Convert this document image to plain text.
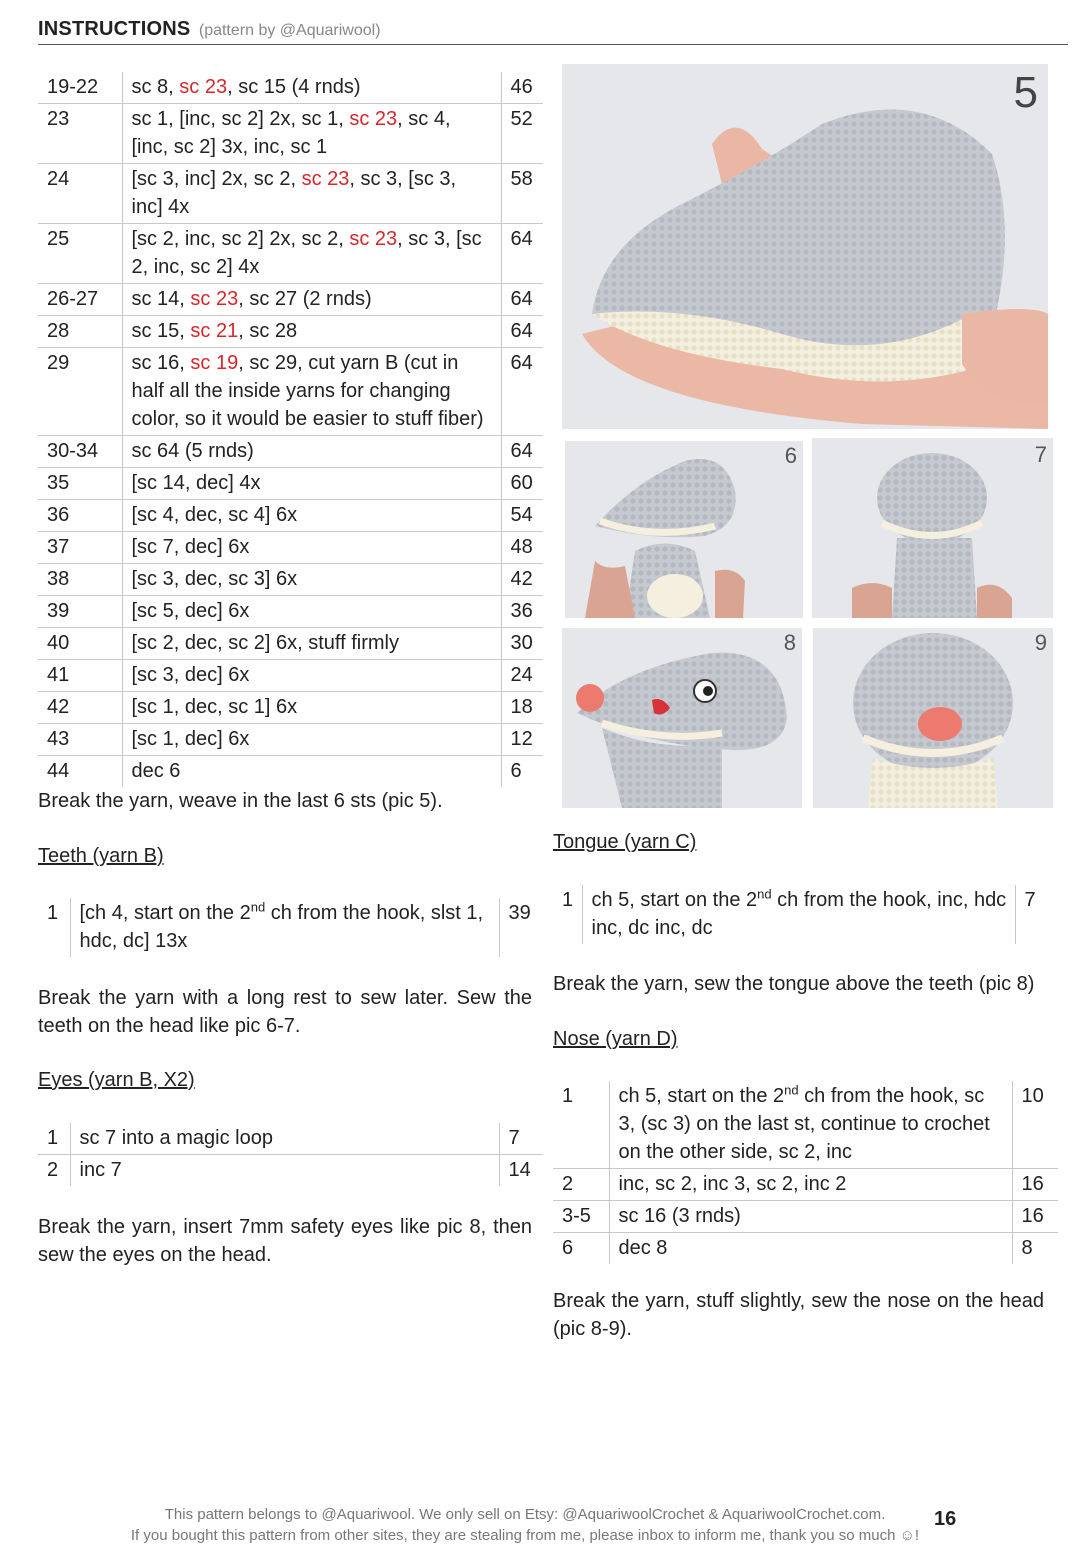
INSTRUCTIONS (pattern by @Aquariwool)
19-22	sc 8, sc 23, sc 15 (4 rnds)	46
23	sc 1, [inc, sc 2] 2x, sc 1, sc 23, sc 4, [inc, sc 2] 3x, inc, sc 1	52
24	[sc 3, inc] 2x, sc 2, sc 23, sc 3, [sc 3, inc] 4x	58
25	[sc 2, inc, sc 2] 2x, sc 2, sc 23, sc 3, [sc 2, inc, sc 2] 4x	64
26-27	sc 14, sc 23, sc 27 (2 rnds)	64
28	sc 15, sc 21, sc 28	64
29	sc 16, sc 19, sc 29, cut yarn B (cut in half all the inside yarns for changing color, so it would be easier to stuff fiber)	64
30-34	sc 64 (5 rnds)	64
35	[sc 14, dec] 4x	60
36	[sc 4, dec, sc 4] 6x	54
37	[sc 7, dec] 6x	48
38	[sc 3, dec, sc 3] 6x	42
39	[sc 5, dec] 6x	36
40	[sc 2, dec, sc 2] 6x, stuff firmly	30
41	[sc 3, dec] 6x	24
42	[sc 1, dec, sc 1] 6x	18
43	[sc 1, dec] 6x	12
44	dec 6	6
Break the yarn, weave in the last 6 sts (pic 5).
Teeth (yarn B)
1	[ch 4, start on the 2nd ch from the hook, slst 1, hdc, dc] 13x	39
Break the yarn with a long rest to sew later. Sew the teeth on the head like pic 6-7.
Eyes (yarn B, X2)
1	sc 7 into a magic loop	7
2	inc 7	14
Break the yarn, insert 7mm safety eyes like pic 8, then sew the eyes on the head.
5
6	7
8	9
Tongue (yarn C)
1	ch 5, start on the 2nd ch from the hook, inc, hdc inc, dc inc, dc	7
Break the yarn, sew the tongue above the teeth (pic 8)
Nose (yarn D)
1	ch 5, start on the 2nd ch from the hook, sc 3, (sc 3) on the last st, continue to crochet on the other side, sc 2, inc	10
2	inc, sc 2, inc 3, sc 2, inc 2	16
3-5	sc 16 (3 rnds)	16
6	dec 8	8
Break the yarn, stuff slightly, sew the nose on the head (pic 8-9).
This pattern belongs to @Aquariwool. We only sell on Etsy: @AquariwoolCrochet & AquariwoolCrochet.com.
If you bought this pattern from other sites, they are stealing from me, please inbox to inform me, thank you so much ☺!
16
